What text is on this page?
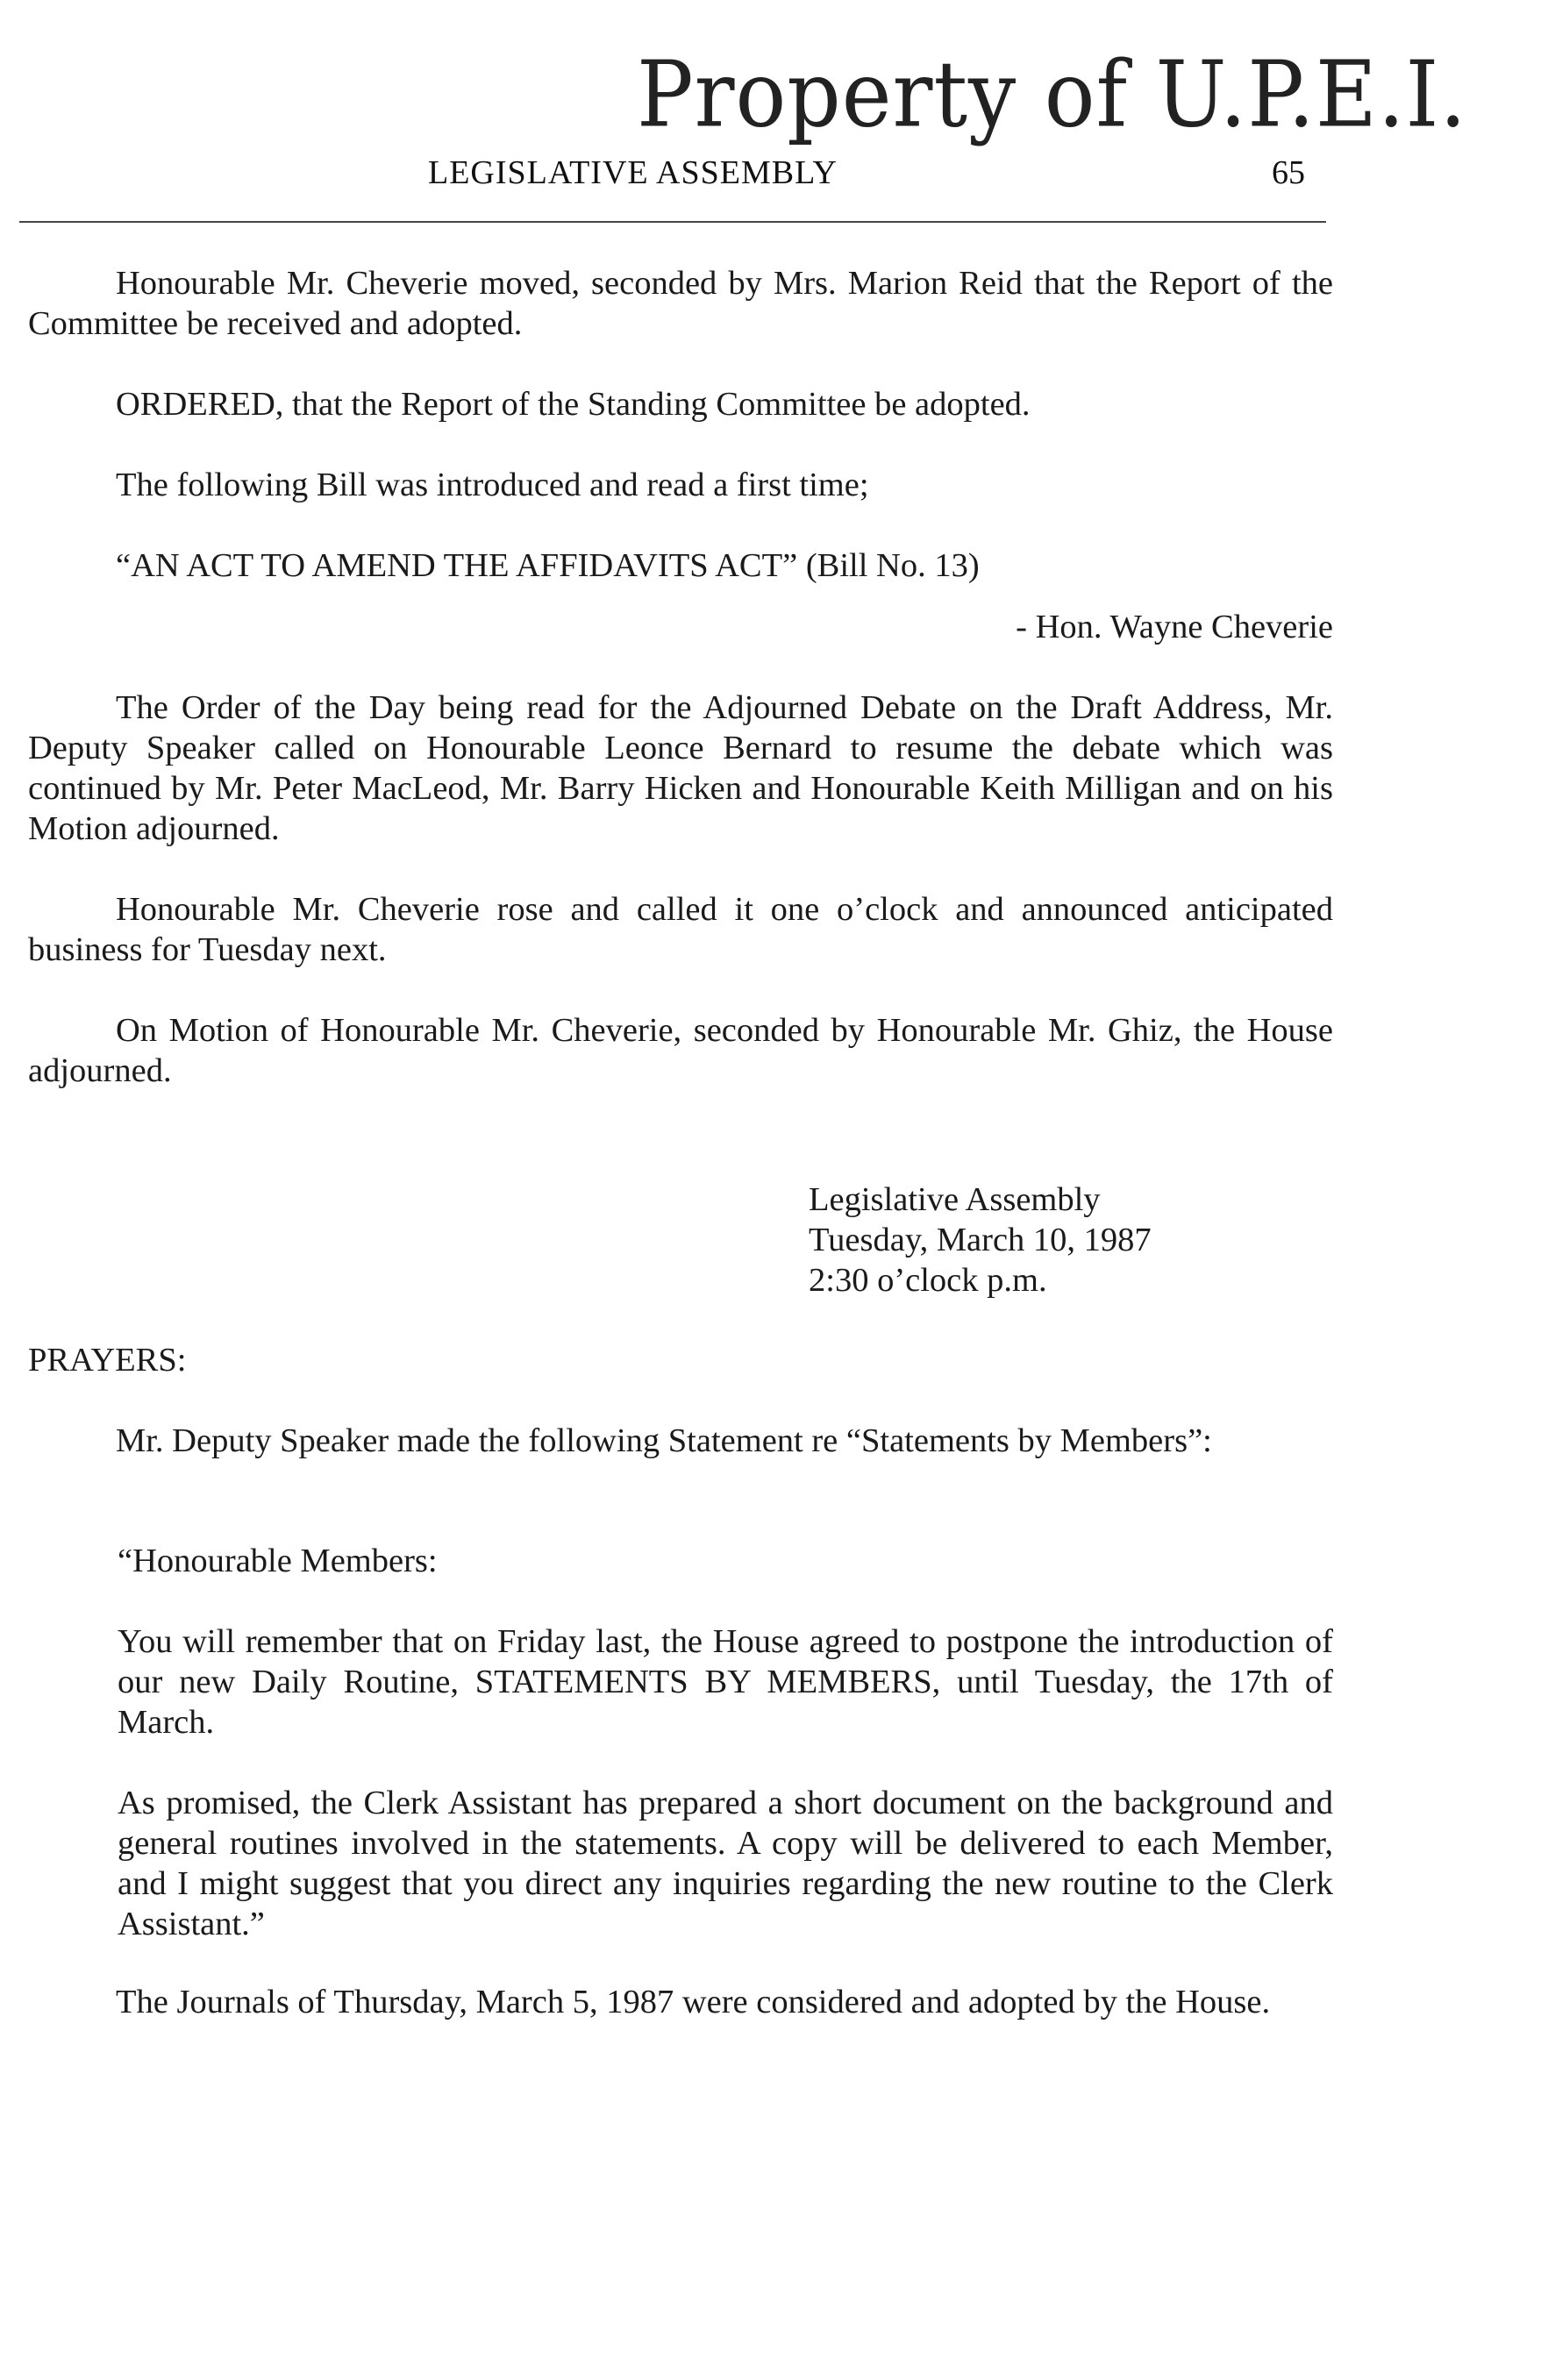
Property of U.P.E.I.
LEGISLATIVE ASSEMBLY	65

Honourable Mr. Cheverie moved, seconded by Mrs. Marion Reid that the Report of the Committee be received and adopted.

ORDERED, that the Report of the Standing Committee be adopted.

The following Bill was introduced and read a first time;

“AN ACT TO AMEND THE AFFIDAVITS ACT” (Bill No. 13)

- Hon. Wayne Cheverie

The Order of the Day being read for the Adjourned Debate on the Draft Address, Mr. Deputy Speaker called on Honourable Leonce Bernard to resume the debate which was continued by Mr. Peter MacLeod, Mr. Barry Hicken and Honourable Keith Milligan and on his Motion adjourned.

Honourable Mr. Cheverie rose and called it one o’clock and announced anticipated business for Tuesday next.

On Motion of Honourable Mr. Cheverie, seconded by Honourable Mr. Ghiz, the House adjourned.

Legislative Assembly
Tuesday, March 10, 1987
2:30 o’clock p.m.

PRAYERS:

Mr. Deputy Speaker made the following Statement re “Statements by Members”:

“Honourable Members:

You will remember that on Friday last, the House agreed to postpone the introduction of our new Daily Routine, STATEMENTS BY MEMBERS, until Tuesday, the 17th of March.

As promised, the Clerk Assistant has prepared a short document on the background and general routines involved in the statements. A copy will be delivered to each Member, and I might suggest that you direct any inquiries regarding the new routine to the Clerk Assistant.”

The Journals of Thursday, March 5, 1987 were considered and adopted by the House.
